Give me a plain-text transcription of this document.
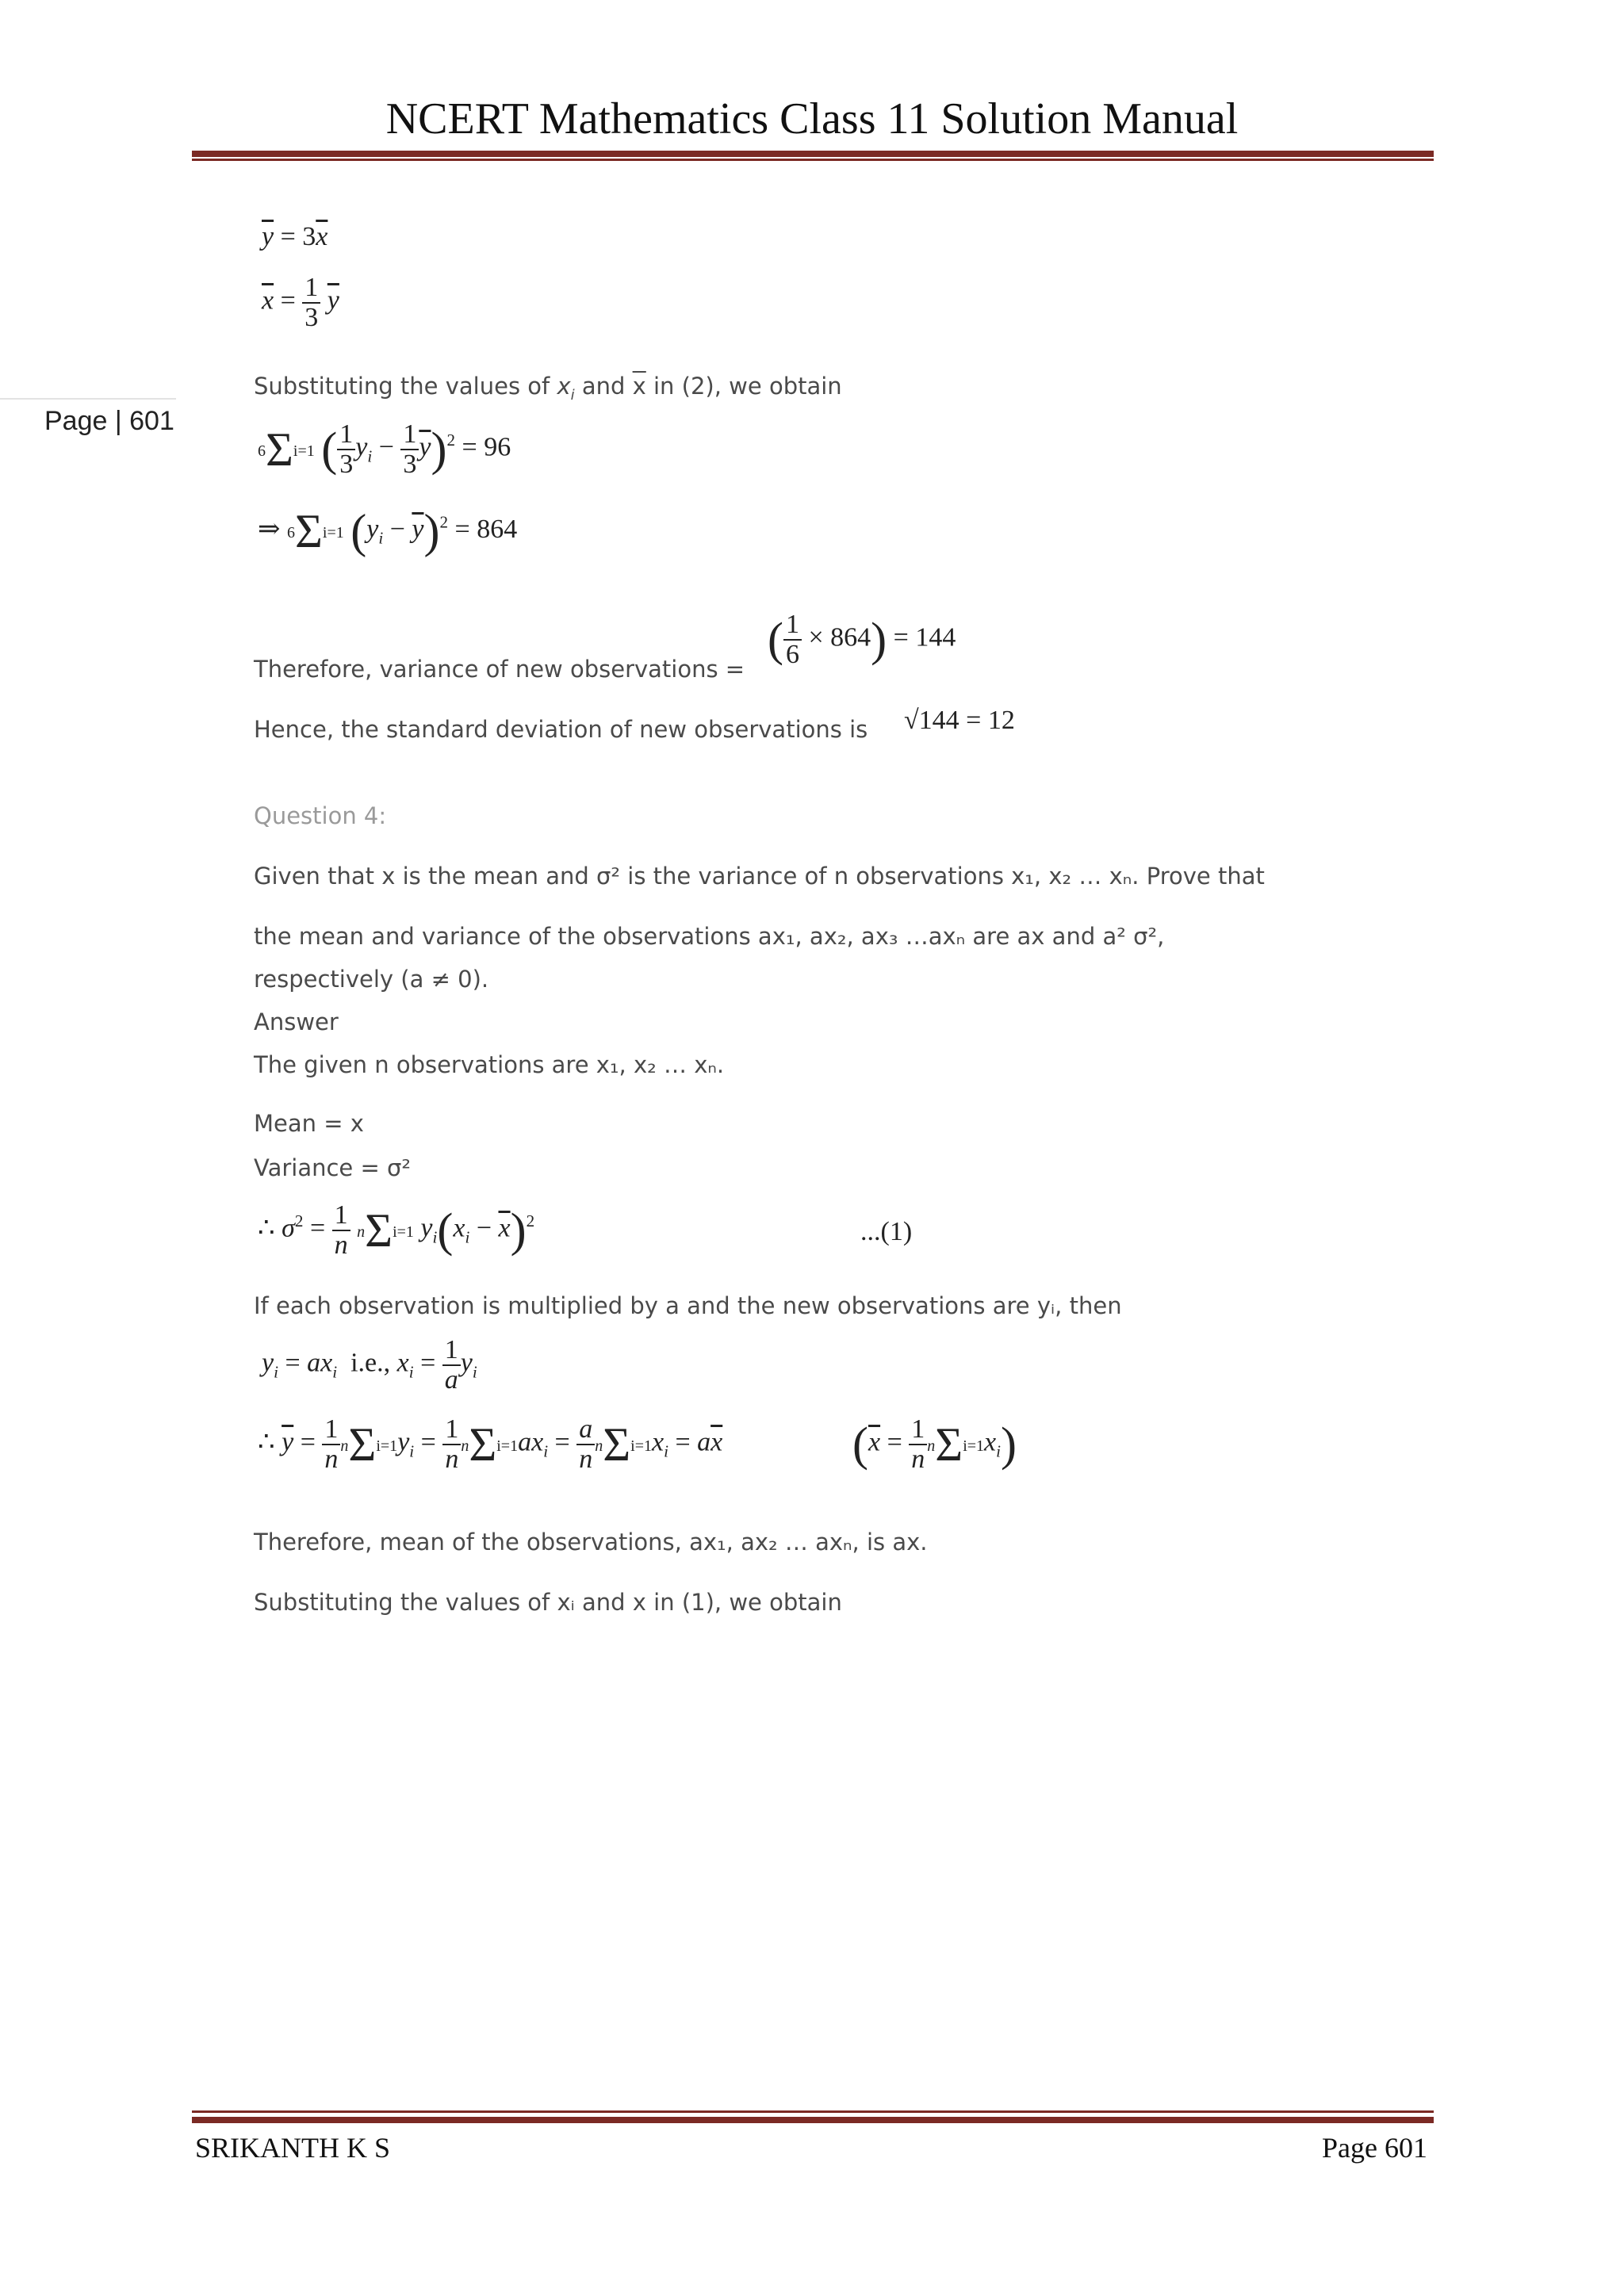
NCERT Mathematics Class 11 Solution Manual
Page | 601
$\overline{y} = 3\overline{x}$
$\overline{x} = \frac{1}{3} \overline{y}$
Substituting the values of $x_i$ and $\overline{x}$ in (2), we obtain
6Σi=1 ( $\frac{1}{3} y_i - \frac{1}{3} \overline{y})^2 = 96$
⇒ 6Σi=1 $(y_i - \overline{y})^2 = 864$
Therefore, variance of new observations =
( $\frac{1}{6} \times 864) = 144$
Hence, the standard deviation of new observations is √144 = 12
Question 4:
Given that x is the mean and σ² is the variance of n observations x₁, x₂ … xₙ. Prove that
the mean and variance of the observations ax₁, ax₂, ax₃ …axₙ are ax and a² σ²,
respectively (a ≠ 0).
Answer
The given n observations are x₁, x₂ … xₙ.
Mean = x
Variance = σ²
∴ $\sigma^2 = \frac{1}{n} n\Sigma i=1$ $y_i(x_i - \overline{x})^2$	...(1)
If each observation is multiplied by a and the new observations are yᵢ, then
$y_i = ax_i$  i.e., $x_i = \frac{1}{a} y_i$
∴ $\overline{y} = \frac{1}{n} n\Sigma i=1y_i = \frac{1}{n} n\Sigma i=1ax_i = \frac{a}{n} n\Sigma i=1x_i = a\overline{x}$	$(\overline{x} = \frac{1}{n} n\Sigma i=1x_i)$
Therefore, mean of the observations, ax₁, ax₂ … axₙ, is ax.
Substituting the values of xᵢ and x in (1), we obtain
SRIKANTH K S	Page 601
